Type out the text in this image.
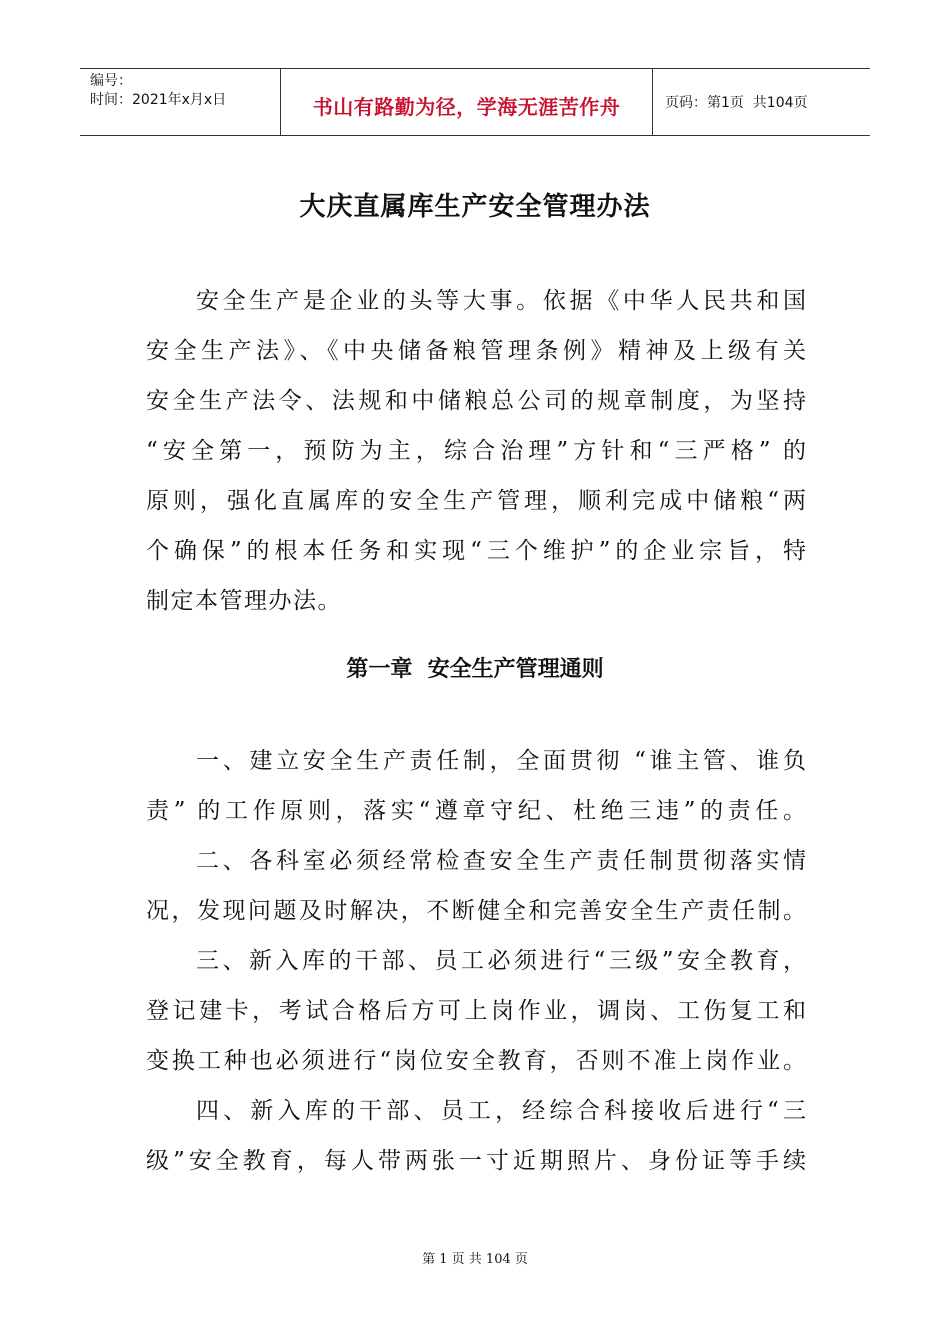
编号：
时间：2021年x月x日	书山有路勤为径，学海无涯苦作舟	页码：第1页  共104页
大庆直属库生产安全管理办法
安全生产是企业的头等大事。依据《中华人民共和国
安全生产法》、《中央储备粮管理条例》精神及上级有关
安全生产法令、法规和中储粮总公司的规章制度，为坚持
“安全第一，预防为主，综合治理”方针和“三严格” 的
原则，强化直属库的安全生产管理，顺利完成中储粮“两
个确保”的根本任务和实现“三个维护”的企业宗旨，特
制定本管理办法。
第一章  安全生产管理通则
一、建立安全生产责任制，全面贯彻 “谁主管、谁负
责” 的工作原则，落实“遵章守纪、杜绝三违”的责任。
二、各科室必须经常检查安全生产责任制贯彻落实情
况，发现问题及时解决，不断健全和完善安全生产责任制。
三、新入库的干部、员工必须进行“三级”安全教育，
登记建卡，考试合格后方可上岗作业，调岗、工伤复工和
变换工种也必须进行“岗位安全教育，否则不准上岗作业。
四、新入库的干部、员工，经综合科接收后进行“三
级”安全教育，每人带两张一寸近期照片、身份证等手续
第 1 页 共 104 页
